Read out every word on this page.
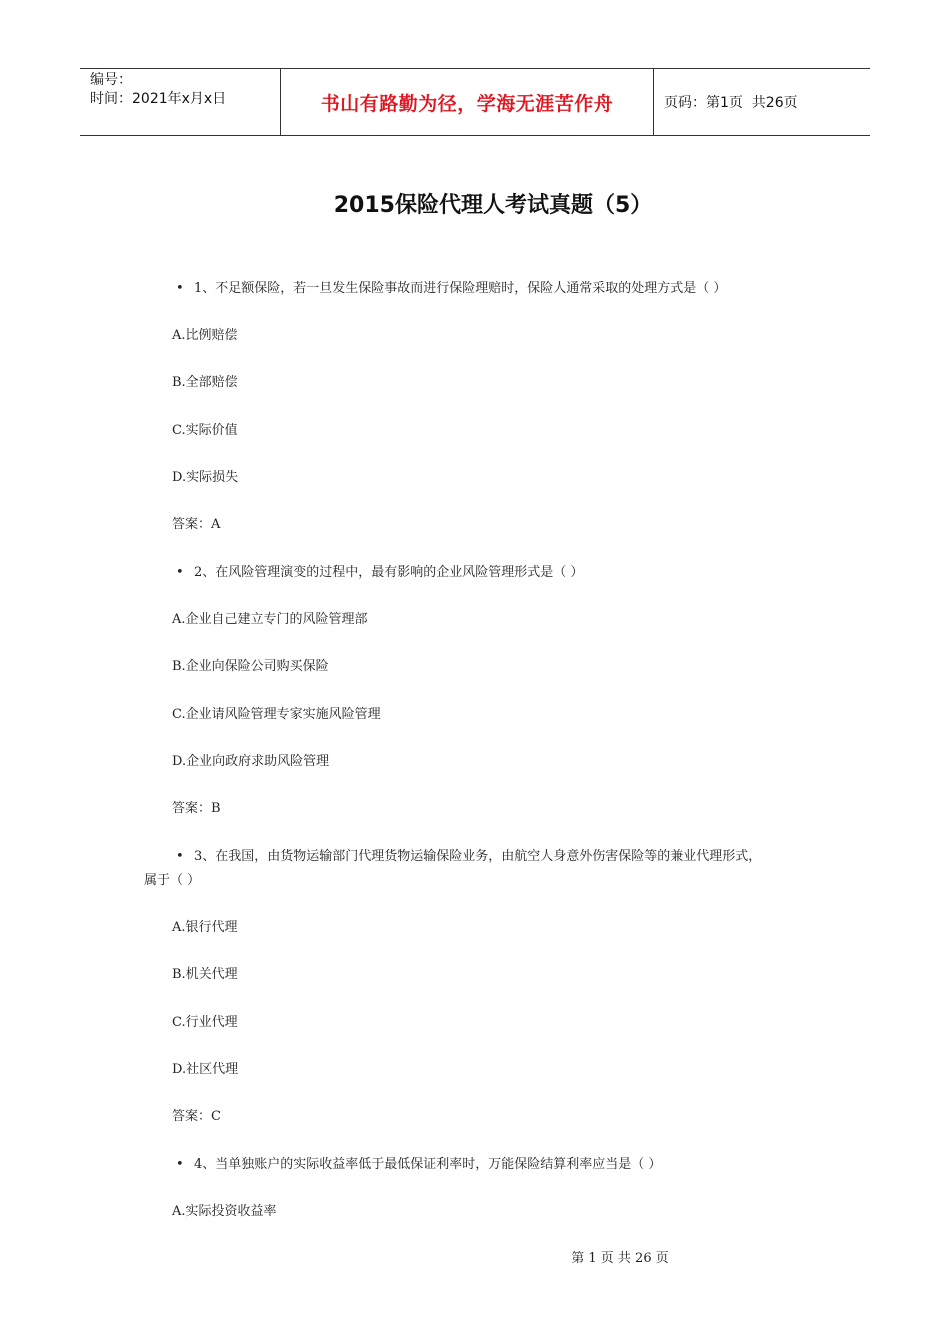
编号：
时间：2021年x月x日	书山有路勤为径，学海无涯苦作舟	页码：第1页  共26页
2015保险代理人考试真题（5）
• 1、不足额保险，若一旦发生保险事故而进行保险理赔时，保险人通常采取的处理方式是（ ）
A.比例赔偿
B.全部赔偿
C.实际价值
D.实际损失
答案：A
• 2、在风险管理演变的过程中，最有影响的企业风险管理形式是（ ）
A.企业自己建立专门的风险管理部
B.企业向保险公司购买保险
C.企业请风险管理专家实施风险管理
D.企业向政府求助风险管理
答案：B
• 3、在我国，由货物运输部门代理货物运输保险业务，由航空人身意外伤害保险等的兼业代理形式，
属于（ ）
A.银行代理
B.机关代理
C.行业代理
D.社区代理
答案：C
• 4、当单独账户的实际收益率低于最低保证利率时，万能保险结算利率应当是（ ）
A.实际投资收益率
第 1 页 共 26 页
